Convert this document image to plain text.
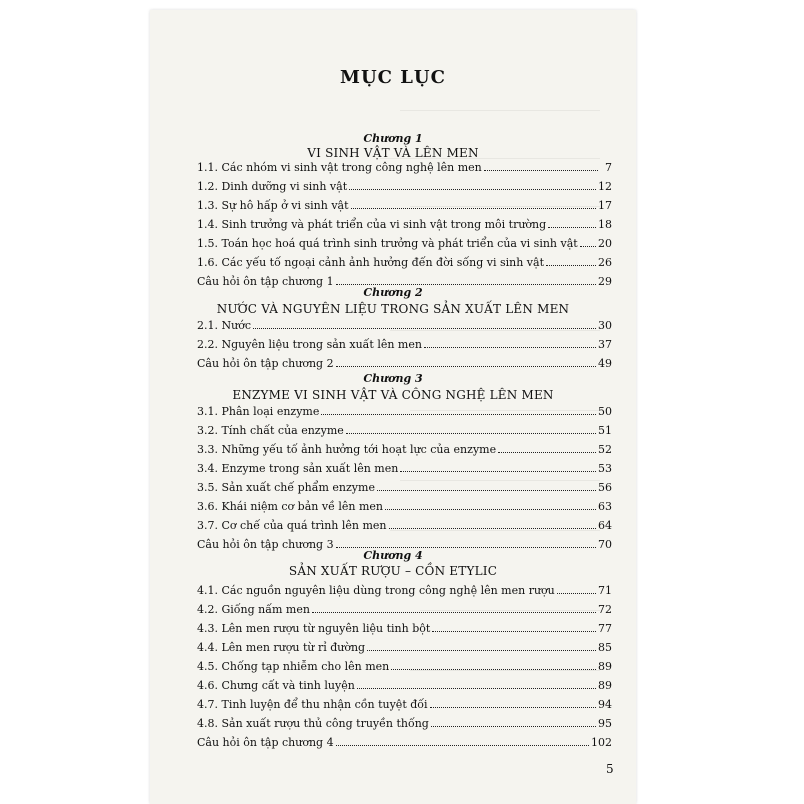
MỤC LỤC
Chương 1
VI SINH VẬT VÀ LÊN MEN
1.1. Các nhóm vi sinh vật trong công nghệ lên men	7
1.2. Dinh dưỡng vi sinh vật	12
1.3. Sự hô hấp ở vi sinh vật	17
1.4. Sinh trưởng và phát triển của vi sinh vật trong môi trường	18
1.5. Toán học hoá quá trình sinh trưởng và phát triển của vi sinh vật 20
1.6. Các yếu tố ngoại cảnh ảnh hưởng đến đời sống vi sinh vật	26
Câu hỏi ôn tập chương 1	29
Chương 2
NƯỚC VÀ NGUYÊN LIỆU TRONG SẢN XUẤT LÊN MEN
2.1. Nước	30
2.2. Nguyên liệu trong sản xuất lên men	37
Câu hỏi ôn tập chương 2	49
Chương 3
ENZYME VI SINH VẬT VÀ CÔNG NGHỆ LÊN MEN
3.1. Phân loại enzyme	50
3.2. Tính chất của enzyme	51
3.3. Những yếu tố ảnh hưởng tới hoạt lực của enzyme	52
3.4. Enzyme trong sản xuất lên men	53
3.5. Sản xuất chế phẩm enzyme	56
3.6. Khái niệm cơ bản về lên men	63
3.7. Cơ chế của quá trình lên men	64
Câu hỏi ôn tập chương 3	70
Chương 4
SẢN XUẤT RƯỢU – CỒN ETYLIC
4.1. Các nguồn nguyên liệu dùng trong công nghệ lên men rượu	71
4.2. Giống nấm men	72
4.3. Lên men rượu từ nguyên liệu tinh bột	77
4.4. Lên men rượu từ rỉ đường	85
4.5. Chống tạp nhiễm cho lên men	89
4.6. Chưng cất và tinh luyện	89
4.7. Tinh luyện để thu nhận cồn tuyệt đối	94
4.8. Sản xuất rượu thủ công truyền thống	95
Câu hỏi ôn tập chương 4	102
5
